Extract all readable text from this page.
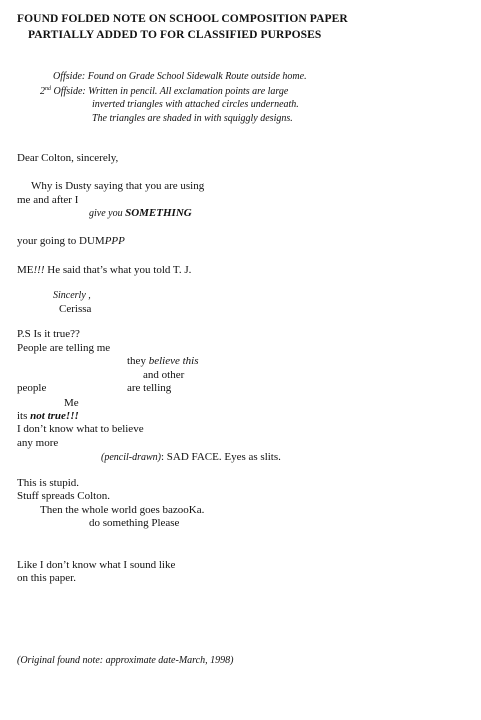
FOUND FOLDED NOTE ON SCHOOL COMPOSITION PAPER
PARTIALLY ADDED TO FOR CLASSIFIED PURPOSES
Offside: Found on Grade School Sidewalk Route outside home.
2nd Offside: Written in pencil. All exclamation points are large
inverted triangles with attached circles underneath.
The triangles are shaded in with squiggly designs.
Dear Colton, sincerely,
Why is Dusty saying that you are using
me and after I
give you SOMETHING
your going to DUMPPP
ME!!! He said that’s what you told T. J.
Sincerly ,
Cerissa
P.S Is it true??
People are telling me
they believe this
and other
people	are telling
Me
its not true!!!
I don’t know what to believe
any more
(pencil-drawn): SAD FACE. Eyes as slits.
This is stupid.
Stuff spreads Colton.
Then the whole world goes bazooKa.
do something Please
Like I don’t know what I sound like
on this paper.
(Original found note: approximate date-March, 1998)
